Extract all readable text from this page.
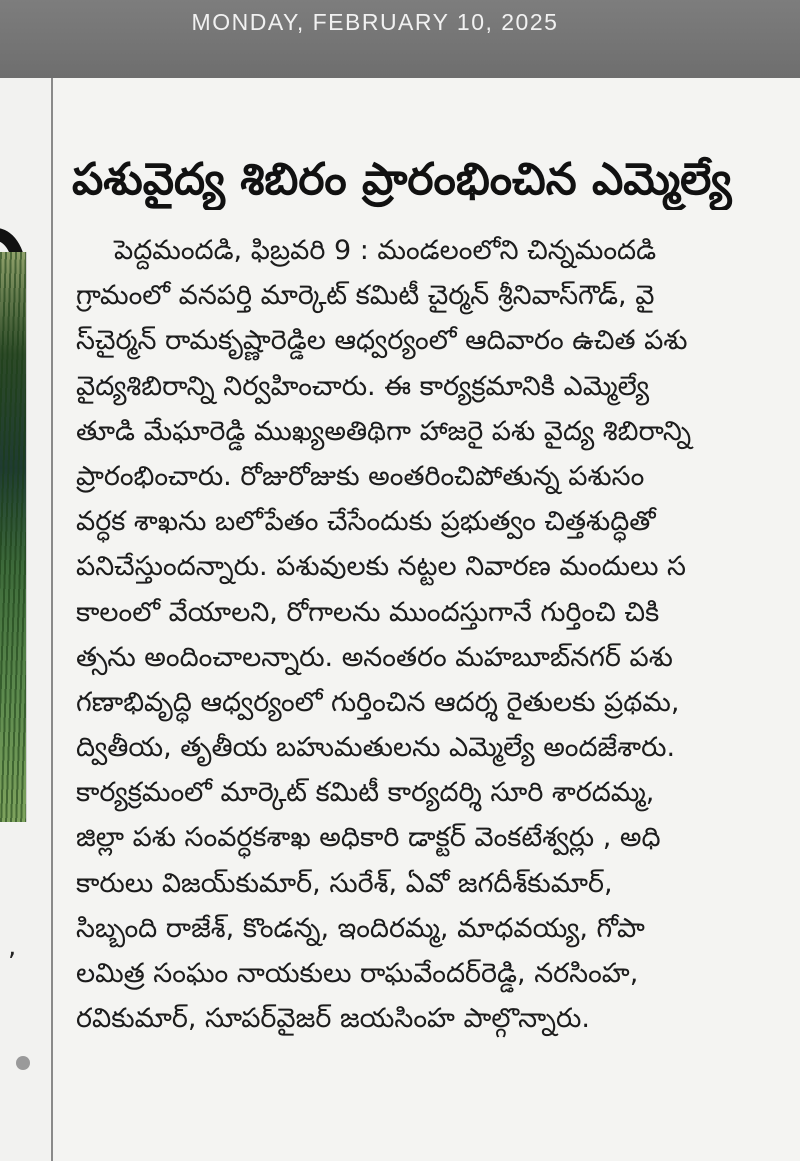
MONDAY, FEBRUARY 10, 2025
,
పశువైద్య శిబిరం ప్రారంభించిన ఎమ్మెల్యే
పెద్దమందడి, ఫిబ్రవరి 9 : మండలంలోని చిన్నమందడి
గ్రామంలో వనపర్తి మార్కెట్ కమిటీ చైర్మన్ శ్రీనివాస్‌గౌడ్, వై
స్‌చైర్మన్ రామకృష్ణారెడ్డిల ఆధ్వర్యంలో ఆదివారం ఉచిత పశు
వైద్యశిబిరాన్ని నిర్వహించారు. ఈ కార్యక్రమానికి ఎమ్మెల్యే
తూడి మేఘారెడ్డి ముఖ్యఅతిథిగా హాజరై పశు వైద్య శిబిరాన్ని
ప్రారంభించారు. రోజురోజుకు అంతరించిపోతున్న పశుసం
వర్ధక శాఖను బలోపేతం చేసేందుకు ప్రభుత్వం చిత్తశుద్ధితో
పనిచేస్తుందన్నారు. పశువులకు నట్టల నివారణ మందులు స
కాలంలో వేయాలని, రోగాలను ముందస్తుగానే గుర్తించి చికి
త్సను అందించాలన్నారు. అనంతరం మహబూబ్‌నగర్ పశు
గణాభివృద్ధి ఆధ్వర్యంలో గుర్తించిన ఆదర్శ రైతులకు ప్రథమ,
ద్వితీయ, తృతీయ బహుమతులను ఎమ్మెల్యే అందజేశారు.
కార్యక్రమంలో మార్కెట్ కమిటీ కార్యదర్శి సూరి శారదమ్మ,
జిల్లా పశు సంవర్ధకశాఖ అధికారి డాక్టర్ వెంకటేశ్వర్లు , అధి
కారులు విజయ్‌కుమార్, సురేశ్, ఏవో జగదీశ్‌కుమార్,
సిబ్బంది రాజేశ్, కొండన్న, ఇందిరమ్మ, మాధవయ్య, గోపా
లమిత్ర సంఘం నాయకులు రాఘవేందర్‌రెడ్డి, నరసింహ,
రవికుమార్, సూపర్‌వైజర్ జయసింహ పాల్గొన్నారు.
